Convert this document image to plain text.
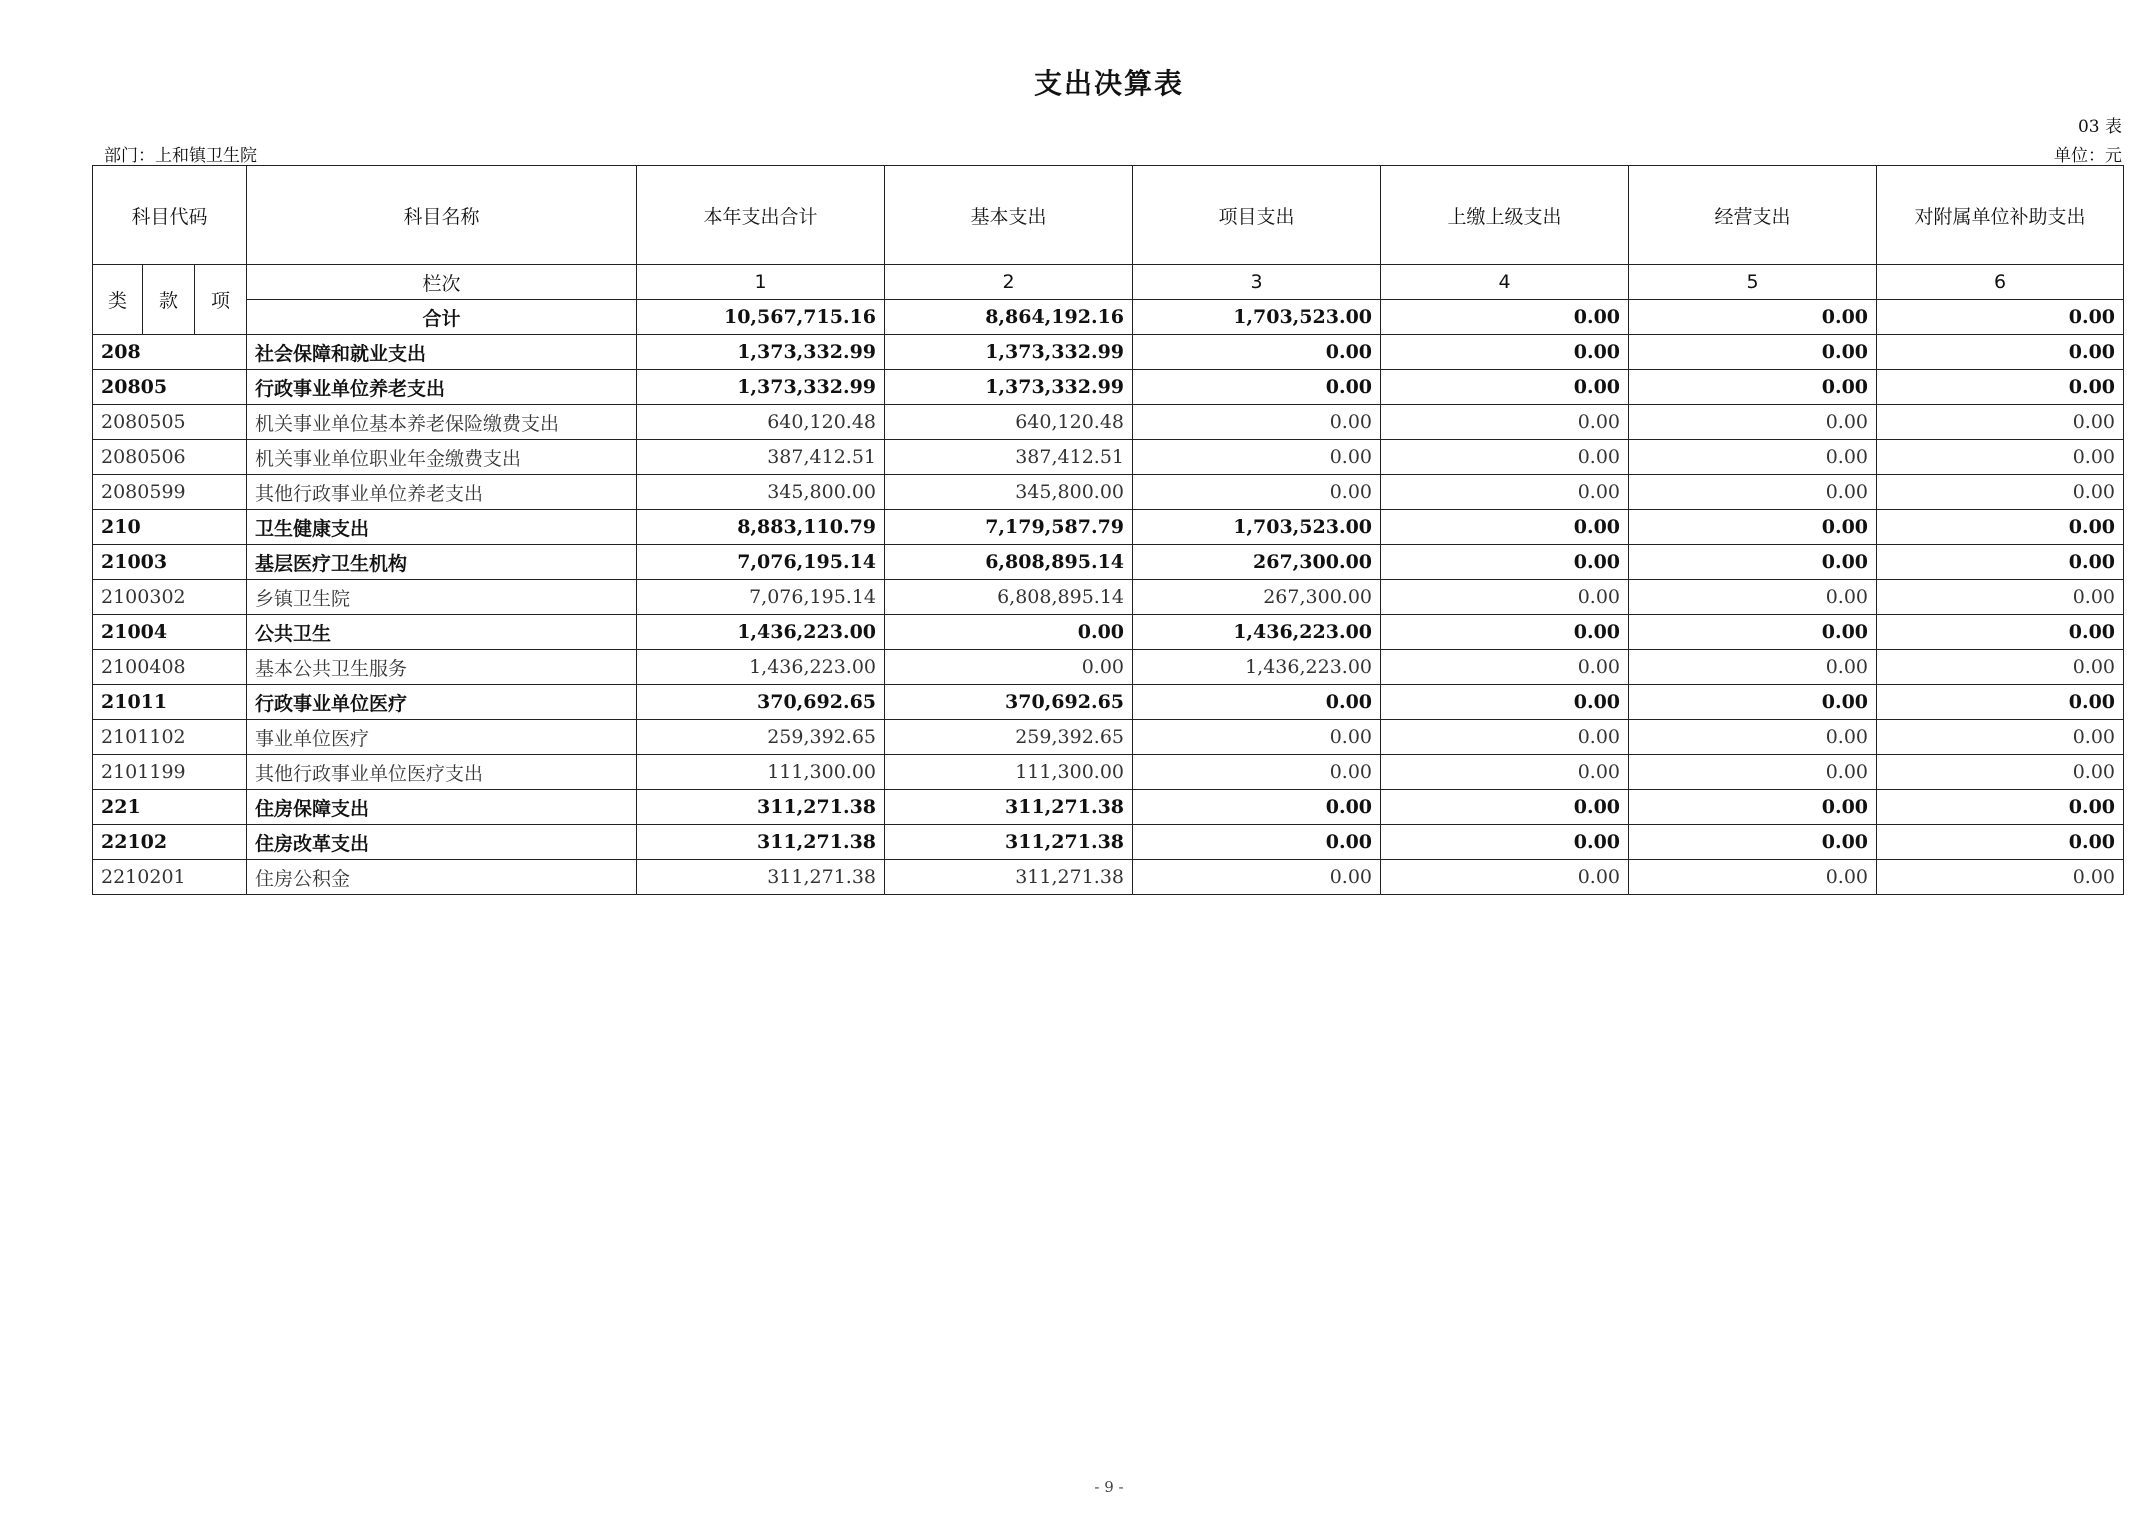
支出决算表
03 表
部门：上和镇卫生院	单位：元
科目代码			科目名称	本年支出合计	基本支出	项目支出	上缴上级支出	经营支出	对附属单位补助支出
类	款	项	栏次	1	2	3	4	5	6
			合计	10,567,715.16	8,864,192.16	1,703,523.00	0.00	0.00	0.00
208			社会保障和就业支出	1,373,332.99	1,373,332.99	0.00	0.00	0.00	0.00
20805			行政事业单位养老支出	1,373,332.99	1,373,332.99	0.00	0.00	0.00	0.00
2080505			机关事业单位基本养老保险缴费支出	640,120.48	640,120.48	0.00	0.00	0.00	0.00
2080506			机关事业单位职业年金缴费支出	387,412.51	387,412.51	0.00	0.00	0.00	0.00
2080599			其他行政事业单位养老支出	345,800.00	345,800.00	0.00	0.00	0.00	0.00
210			卫生健康支出	8,883,110.79	7,179,587.79	1,703,523.00	0.00	0.00	0.00
21003			基层医疗卫生机构	7,076,195.14	6,808,895.14	267,300.00	0.00	0.00	0.00
2100302			乡镇卫生院	7,076,195.14	6,808,895.14	267,300.00	0.00	0.00	0.00
21004			公共卫生	1,436,223.00	0.00	1,436,223.00	0.00	0.00	0.00
2100408			基本公共卫生服务	1,436,223.00	0.00	1,436,223.00	0.00	0.00	0.00
21011			行政事业单位医疗	370,692.65	370,692.65	0.00	0.00	0.00	0.00
2101102			事业单位医疗	259,392.65	259,392.65	0.00	0.00	0.00	0.00
2101199			其他行政事业单位医疗支出	111,300.00	111,300.00	0.00	0.00	0.00	0.00
221			住房保障支出	311,271.38	311,271.38	0.00	0.00	0.00	0.00
22102			住房改革支出	311,271.38	311,271.38	0.00	0.00	0.00	0.00
2210201			住房公积金	311,271.38	311,271.38	0.00	0.00	0.00	0.00
- 9 -
